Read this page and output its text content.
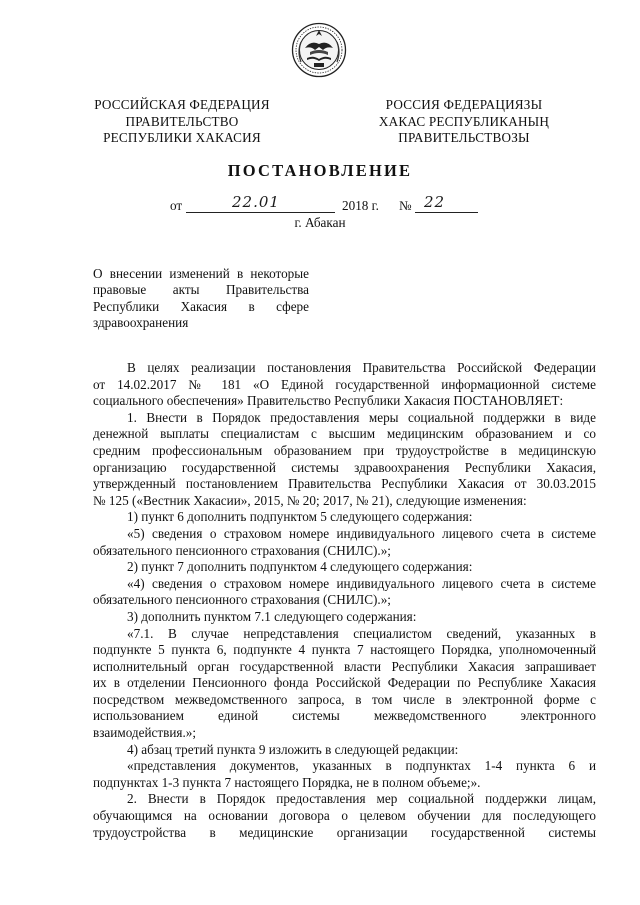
РОССИЙСКАЯ ФЕДЕРАЦИЯ
ПРАВИТЕЛЬСТВО
РЕСПУБЛИКИ ХАКАСИЯ
РОССИЯ ФЕДЕРАЦИЯЗЫ
ХАКАС РЕСПУБЛИКАНЫҢ
ПРАВИТЕЛЬСТВОЗЫ
ПОСТАНОВЛЕНИЕ
от	22.01	2018 г. № 22
г. Абакан
О внесении изменений в некоторые
правовые акты Правительства
Республики Хакасия в сфере
здравоохранения
В целях реализации постановления Правительства Российской Федерации
от 14.02.2017 № 181 «О Единой государственной информационной системе
социального обеспечения» Правительство Республики Хакасия ПОСТАНОВЛЯЕТ:
1. Внести в Порядок предоставления меры социальной поддержки в виде
денежной выплаты специалистам с высшим медицинским образованием и со
средним профессиональным образованием при трудоустройстве в медицинскую
организацию государственной системы здравоохранения Республики Хакасия,
утвержденный постановлением Правительства Республики Хакасия от 30.03.2015
№ 125 («Вестник Хакасии», 2015, № 20; 2017, № 21), следующие изменения:
1) пункт 6 дополнить подпунктом 5 следующего содержания:
«5) сведения о страховом номере индивидуального лицевого счета в системе
обязательного пенсионного страхования (СНИЛС).»;
2) пункт 7 дополнить подпунктом 4 следующего содержания:
«4) сведения о страховом номере индивидуального лицевого счета в системе
обязательного пенсионного страхования (СНИЛС).»;
3) дополнить пунктом 7.1 следующего содержания:
«7.1. В случае непредставления специалистом сведений, указанных в
подпункте 5 пункта 6, подпункте 4 пункта 7 настоящего Порядка, уполномоченный
исполнительный орган государственной власти Республики Хакасия запрашивает
их в отделении Пенсионного фонда Российской Федерации по Республике Хакасия
посредством межведомственного запроса, в том числе в электронной форме с
использованием единой системы межведомственного электронного
взаимодействия.»;
4) абзац третий пункта 9 изложить в следующей редакции:
«представления документов, указанных в подпунктах 1-4 пункта 6 и
подпунктах 1-3 пункта 7 настоящего Порядка, не в полном объеме;».
2. Внести в Порядок предоставления мер социальной поддержки лицам,
обучающимся на основании договора о целевом обучении для последующего
трудоустройства в медицинские организации государственной системы
